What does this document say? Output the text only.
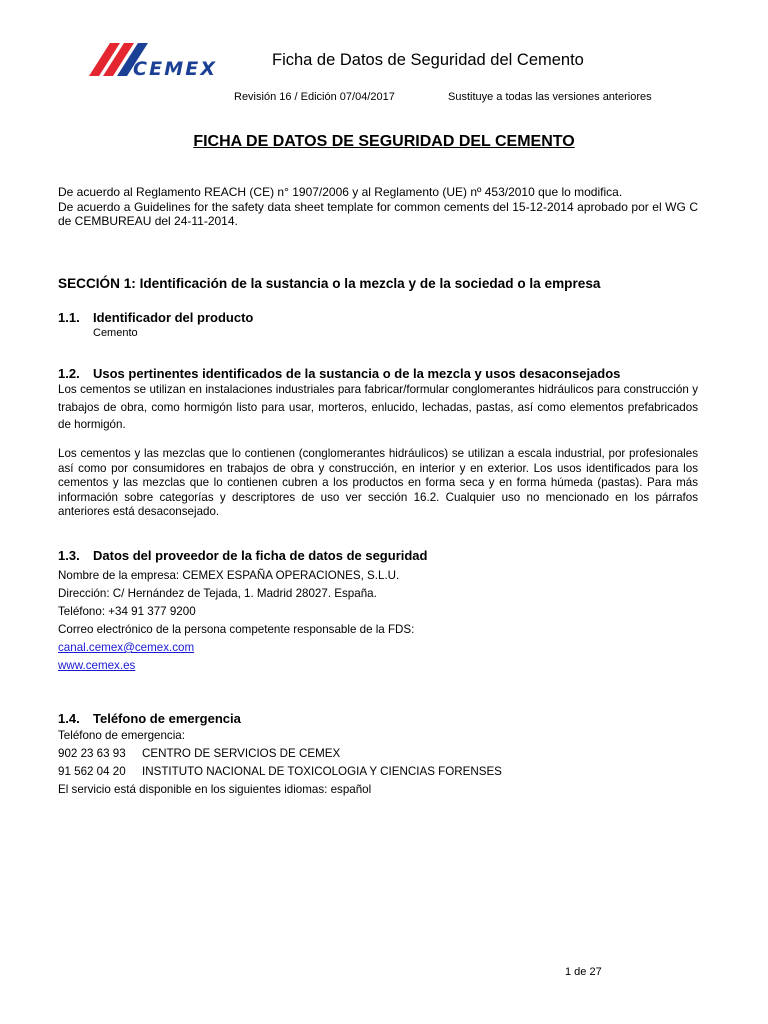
CEMEX	Ficha de Datos de Seguridad del Cemento
Revisión 16 / Edición 07/04/2017	Sustituye a todas las versiones anteriores
FICHA DE DATOS DE SEGURIDAD DEL CEMENTO

De acuerdo al Reglamento REACH (CE) n° 1907/2006 y al Reglamento (UE) nº 453/2010 que lo modifica.

De acuerdo a Guidelines for the safety data sheet template for common cements del 15-12-2014 aprobado por el WG C de CEMBUREAU del 24-11-2014.

SECCIÓN 1: Identificación de la sustancia o la mezcla y de la sociedad o la empresa
1.1. Identificador del producto
Cemento
1.2. Usos pertinentes identificados de la sustancia o de la mezcla y usos desaconsejados
Los cementos se utilizan en instalaciones industriales para fabricar/formular conglomerantes hidráulicos para construcción y trabajos de obra, como hormigón listo para usar, morteros, enlucido, lechadas, pastas, así como elementos prefabricados de hormigón.
Los cementos y las mezclas que lo contienen (conglomerantes hidráulicos) se utilizan a escala industrial, por profesionales así como por consumidores en trabajos de obra y construcción, en interior y en exterior. Los usos identificados para los cementos y las mezclas que lo contienen cubren a los productos en forma seca y en forma húmeda (pastas). Para más información sobre categorías y descriptores de uso ver sección 16.2. Cualquier uso no mencionado en los párrafos anteriores está desaconsejado.
1.3. Datos del proveedor de la ficha de datos de seguridad
Nombre de la empresa: CEMEX ESPAÑA OPERACIONES, S.L.U.
Dirección: C/ Hernández de Tejada, 1. Madrid 28027. España.
Teléfono: +34 91 377 9200
Correo electrónico de la persona competente responsable de la FDS:
canal.cemex@cemex.com
www.cemex.es
1.4. Teléfono de emergencia
Teléfono de emergencia:
902 23 63 93 CENTRO DE SERVICIOS DE CEMEX
91 562 04 20 INSTITUTO NACIONAL DE TOXICOLOGIA Y CIENCIAS FORENSES
El servicio está disponible en los siguientes idiomas: español
1 de 27
